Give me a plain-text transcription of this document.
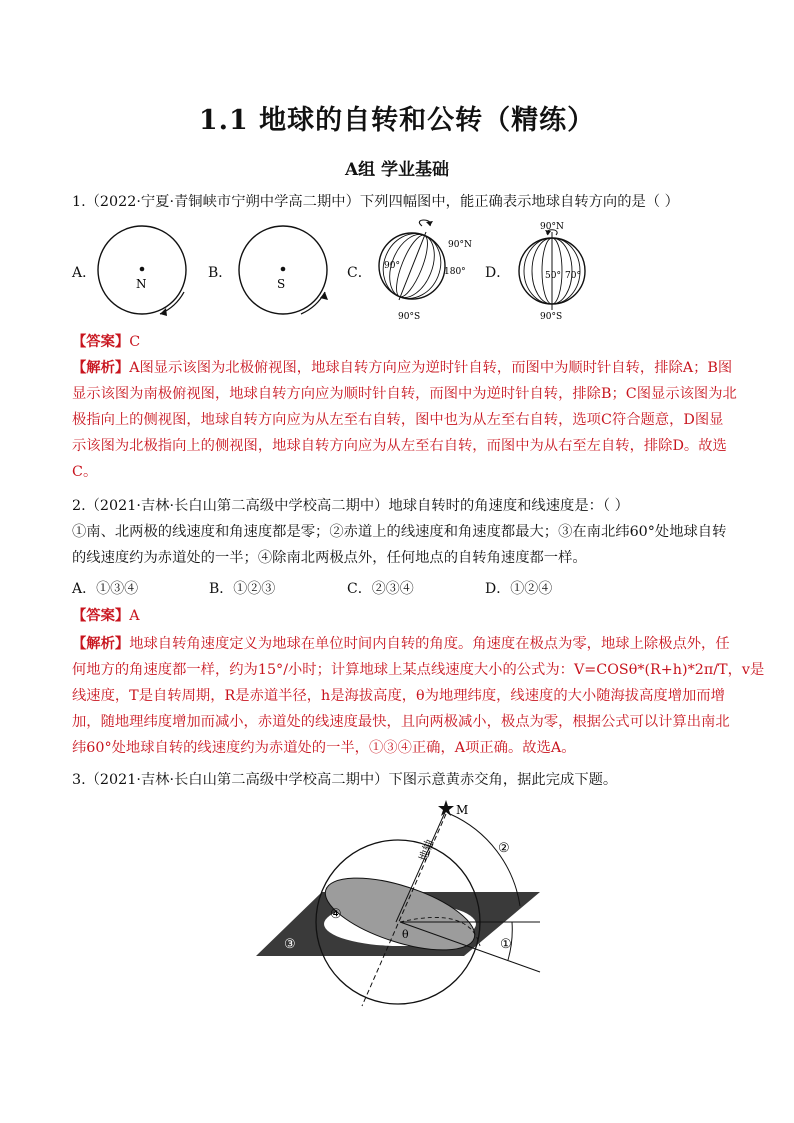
1.1 地球的自转和公转（精练）
A组 学业基础
1.（2022·宁夏·青铜峡市宁朔中学高二期中）下列四幅图中，能正确表示地球自转方向的是（ ）
A．	B．	C．	D．
N	S
90°N
90°
180°
90°S
90°N
50° 70°
90°S
【答案】C
【解析】A图显示该图为北极俯视图，地球自转方向应为逆时针自转，而图中为顺时针自转，排除A；B图
显示该图为南极俯视图，地球自转方向应为顺时针自转，而图中为逆时针自转，排除B；C图显示该图为北
极指向上的侧视图，地球自转方向应为从左至右自转，图中也为从左至右自转，选项C符合题意，D图显
示该图为北极指向上的侧视图，地球自转方向应为从左至右自转，而图中为从右至左自转，排除D。故选
C。
2.（2021·吉林·长白山第二高级中学校高二期中）地球自转时的角速度和线速度是：（ ）
①南、北两极的线速度和角速度都是零；②赤道上的线速度和角速度都最大；③在南北纬60°处地球自转
的线速度约为赤道处的一半；④除南北两极点外，任何地点的自转角速度都一样。
A．①③④	B．①②③	C．②③④	D．①②④
【答案】A
【解析】地球自转角速度定义为地球在单位时间内自转的角度。角速度在极点为零，地球上除极点外，任
何地方的角速度都一样，约为15°/小时；计算地球上某点线速度大小的公式为：V=COSθ*(R+h)*2π/T，v是
线速度，T是自转周期，R是赤道半径，h是海拔高度，θ为地理纬度，线速度的大小随海拔高度增加而增
加，随地理纬度增加而减小，赤道处的线速度最快，且向两极减小，极点为零，根据公式可以计算出南北
纬60°处地球自转的线速度约为赤道处的一半，①③④正确，A项正确。故选A。
3.（2021·吉林·长白山第二高级中学校高二期中）下图示意黄赤交角，据此完成下题。
M
地轴	②
①
④
③
θ
